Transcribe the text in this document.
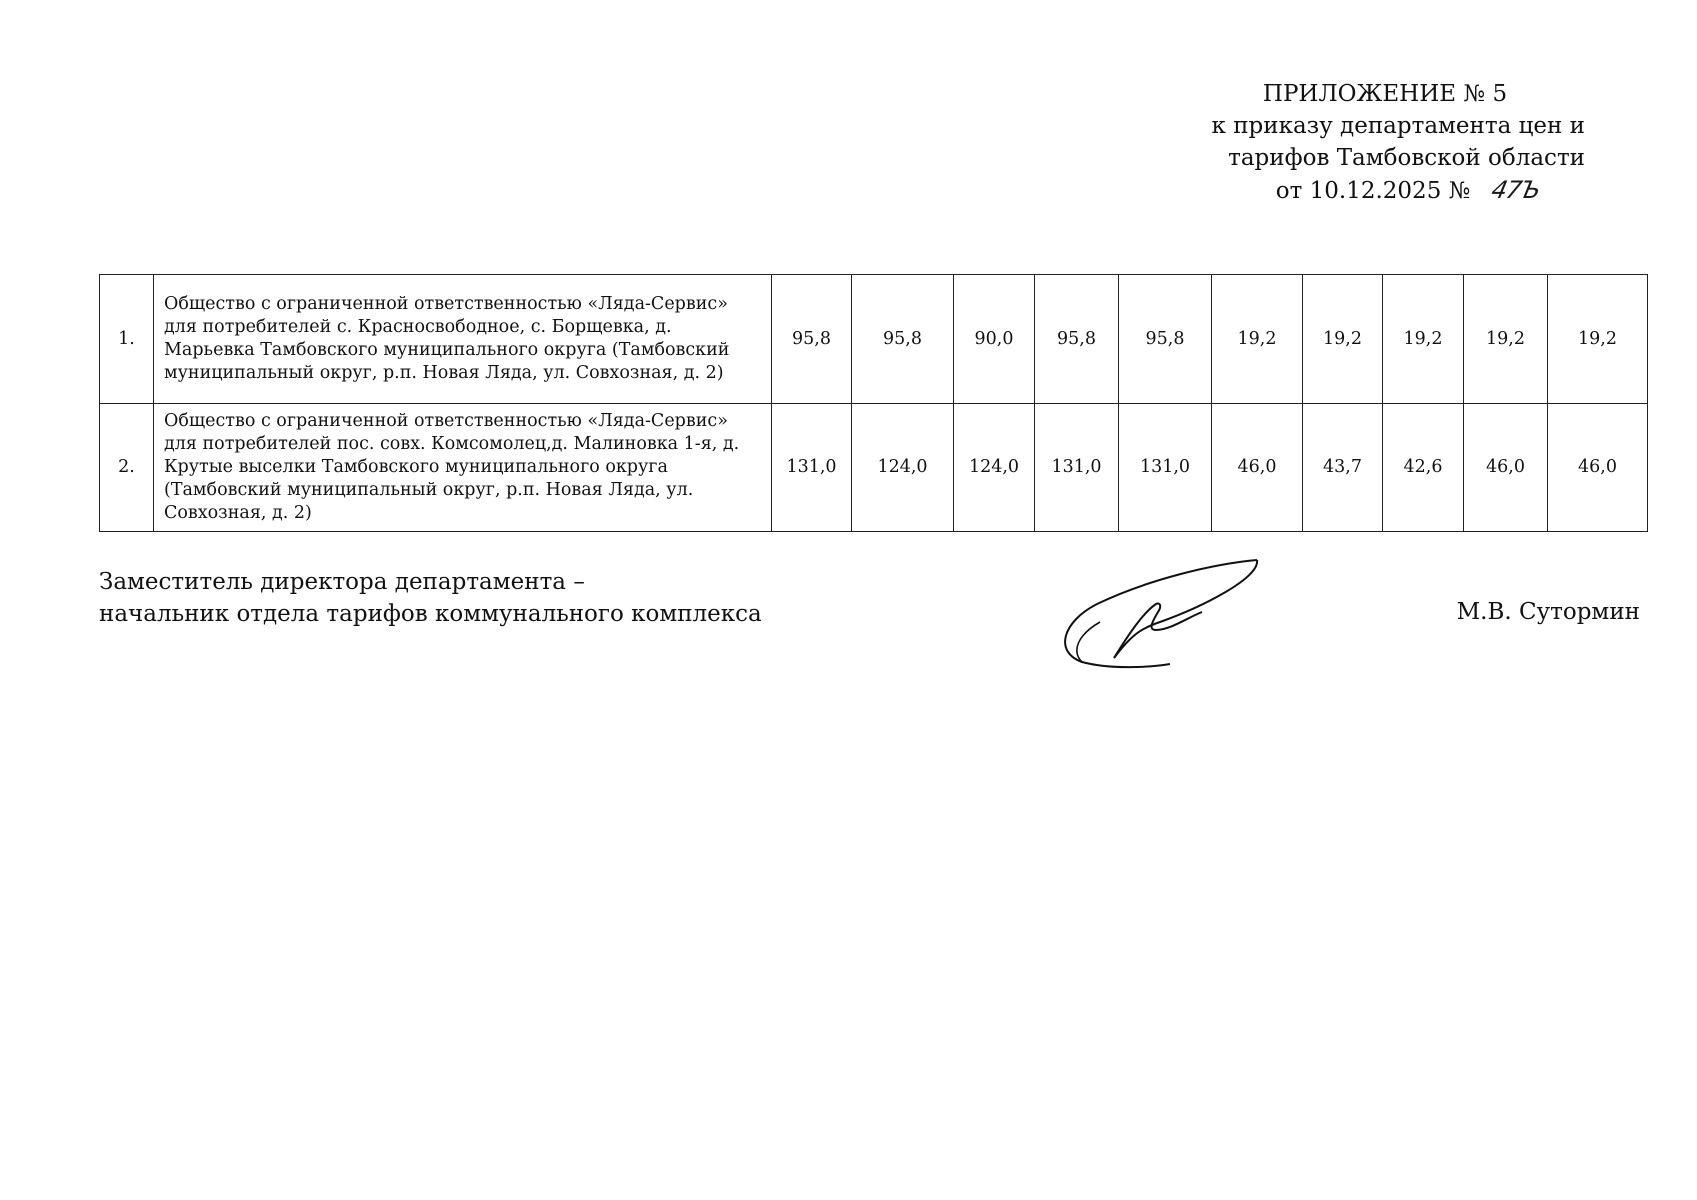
ПРИЛОЖЕНИЕ № 5
к приказу департамента цен и
тарифов Тамбовской области
от 10.12.2025 № 47Ъ
1.	Общество с ограниченной ответственностью «Ляда-Сервис» для потребителей с. Красносвободное, с. Борщевка, д. Марьевка Тамбовского муниципального округа (Тамбовский муниципальный округ, р.п. Новая Ляда, ул. Совхозная, д. 2)	95,8	95,8	90,0	95,8	95,8	19,2	19,2	19,2	19,2	19,2
2.	Общество с ограниченной ответственностью «Ляда-Сервис» для потребителей пос. совх. Комсомолец,д. Малиновка 1-я, д. Крутые выселки Тамбовского муниципального округа (Тамбовский муниципальный округ, р.п. Новая Ляда, ул. Совхозная, д. 2)	131,0	124,0	124,0	131,0	131,0	46,0	43,7	42,6	46,0	46,0
Заместитель директора департамента –
начальник отдела тарифов коммунального комплекса	М.В. Сутормин
